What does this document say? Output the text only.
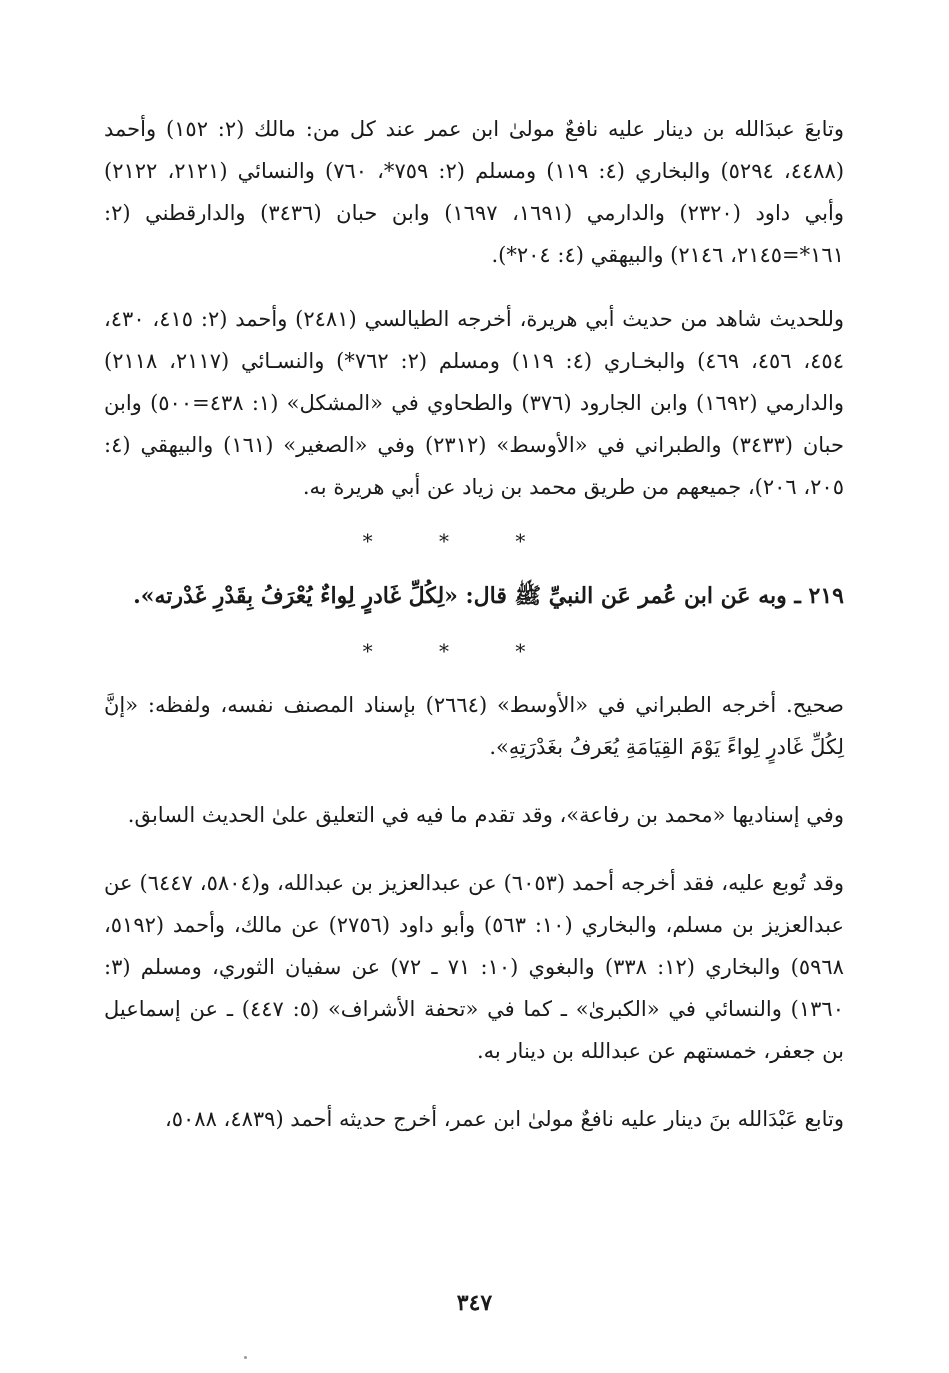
وتابعَ عبدَالله بن دينار عليه نافعٌ مولىٰ ابن عمر عند كل من: مالك (٢: ١٥٢) وأحمد (٤٤٨٨، ٥٢٩٤) والبخاري (٤: ١١٩) ومسلم (٢: ٧٥٩*، ٧٦٠) والنسائي (٢١٢١، ٢١٢٢) وأبي داود (٢٣٢٠) والدارمي (١٦٩١، ١٦٩٧) وابن حبان (٣٤٣٦) والدارقطني (٢: ١٦١*=٢١٤٥، ٢١٤٦) والبيهقي (٤: ٢٠٤*).

وللحديث شاهد من حديث أبي هريرة، أخرجه الطيالسي (٢٤٨١) وأحمد (٢: ٤١٥، ٤٣٠، ٤٥٤، ٤٥٦، ٤٦٩) والبخـاري (٤: ١١٩) ومسلم (٢: ٧٦٢*) والنسـائي (٢١١٧، ٢١١٨) والدارمي (١٦٩٢) وابن الجارود (٣٧٦) والطحاوي في «المشكل» (١: ٤٣٨=٥٠٠) وابن حبان (٣٤٣٣) والطبراني في «الأوسط» (٢٣١٢) وفي «الصغير» (١٦١) والبيهقي (٤: ٢٠٥، ٢٠٦)، جميعهم من طريق محمد بن زياد عن أبي هريرة به.

* * *

٢١٩ ـ وبه عَن ابن عُمر عَن النبيِّ ﷺ قال: «لِكُلِّ غَادرٍ لِواءٌ يُعْرَفُ بِقَدْرِ غَدْرته».

* * *

صحيح. أخرجه الطبراني في «الأوسط» (٢٦٦٤) بإسناد المصنف نفسه، ولفظه: «إنَّ لِكُلِّ غَادرٍ لِواءً يَوْمَ القِيَامَةِ يُعَرفُ بغَدْرَتِهِ».

وفي إسناديها «محمد بن رفاعة»، وقد تقدم ما فيه في التعليق علىٰ الحديث السابق.

وقد تُوبع عليه، فقد أخرجه أحمد (٦٠٥٣) عن عبدالعزيز بن عبدالله، و(٥٨٠٤، ٦٤٤٧) عن عبدالعزيز بن مسلم، والبخاري (١٠: ٥٦٣) وأبو داود (٢٧٥٦) عن مالك، وأحمد (٥١٩٢، ٥٩٦٨) والبخاري (١٢: ٣٣٨) والبغوي (١٠: ٧١ ـ ٧٢) عن سفيان الثوري، ومسلم (٣: ١٣٦٠) والنسائي في «الكبرىٰ» ـ كما في «تحفة الأشراف» (٥: ٤٤٧) ـ عن إسماعيل بن جعفر، خمستهم عن عبدالله بن دينار به.

وتابع عَبْدَالله بنَ دينار عليه نافعٌ مولىٰ ابن عمر، أخرج حديثه أحمد (٤٨٣٩، ٥٠٨٨،

٣٤٧
